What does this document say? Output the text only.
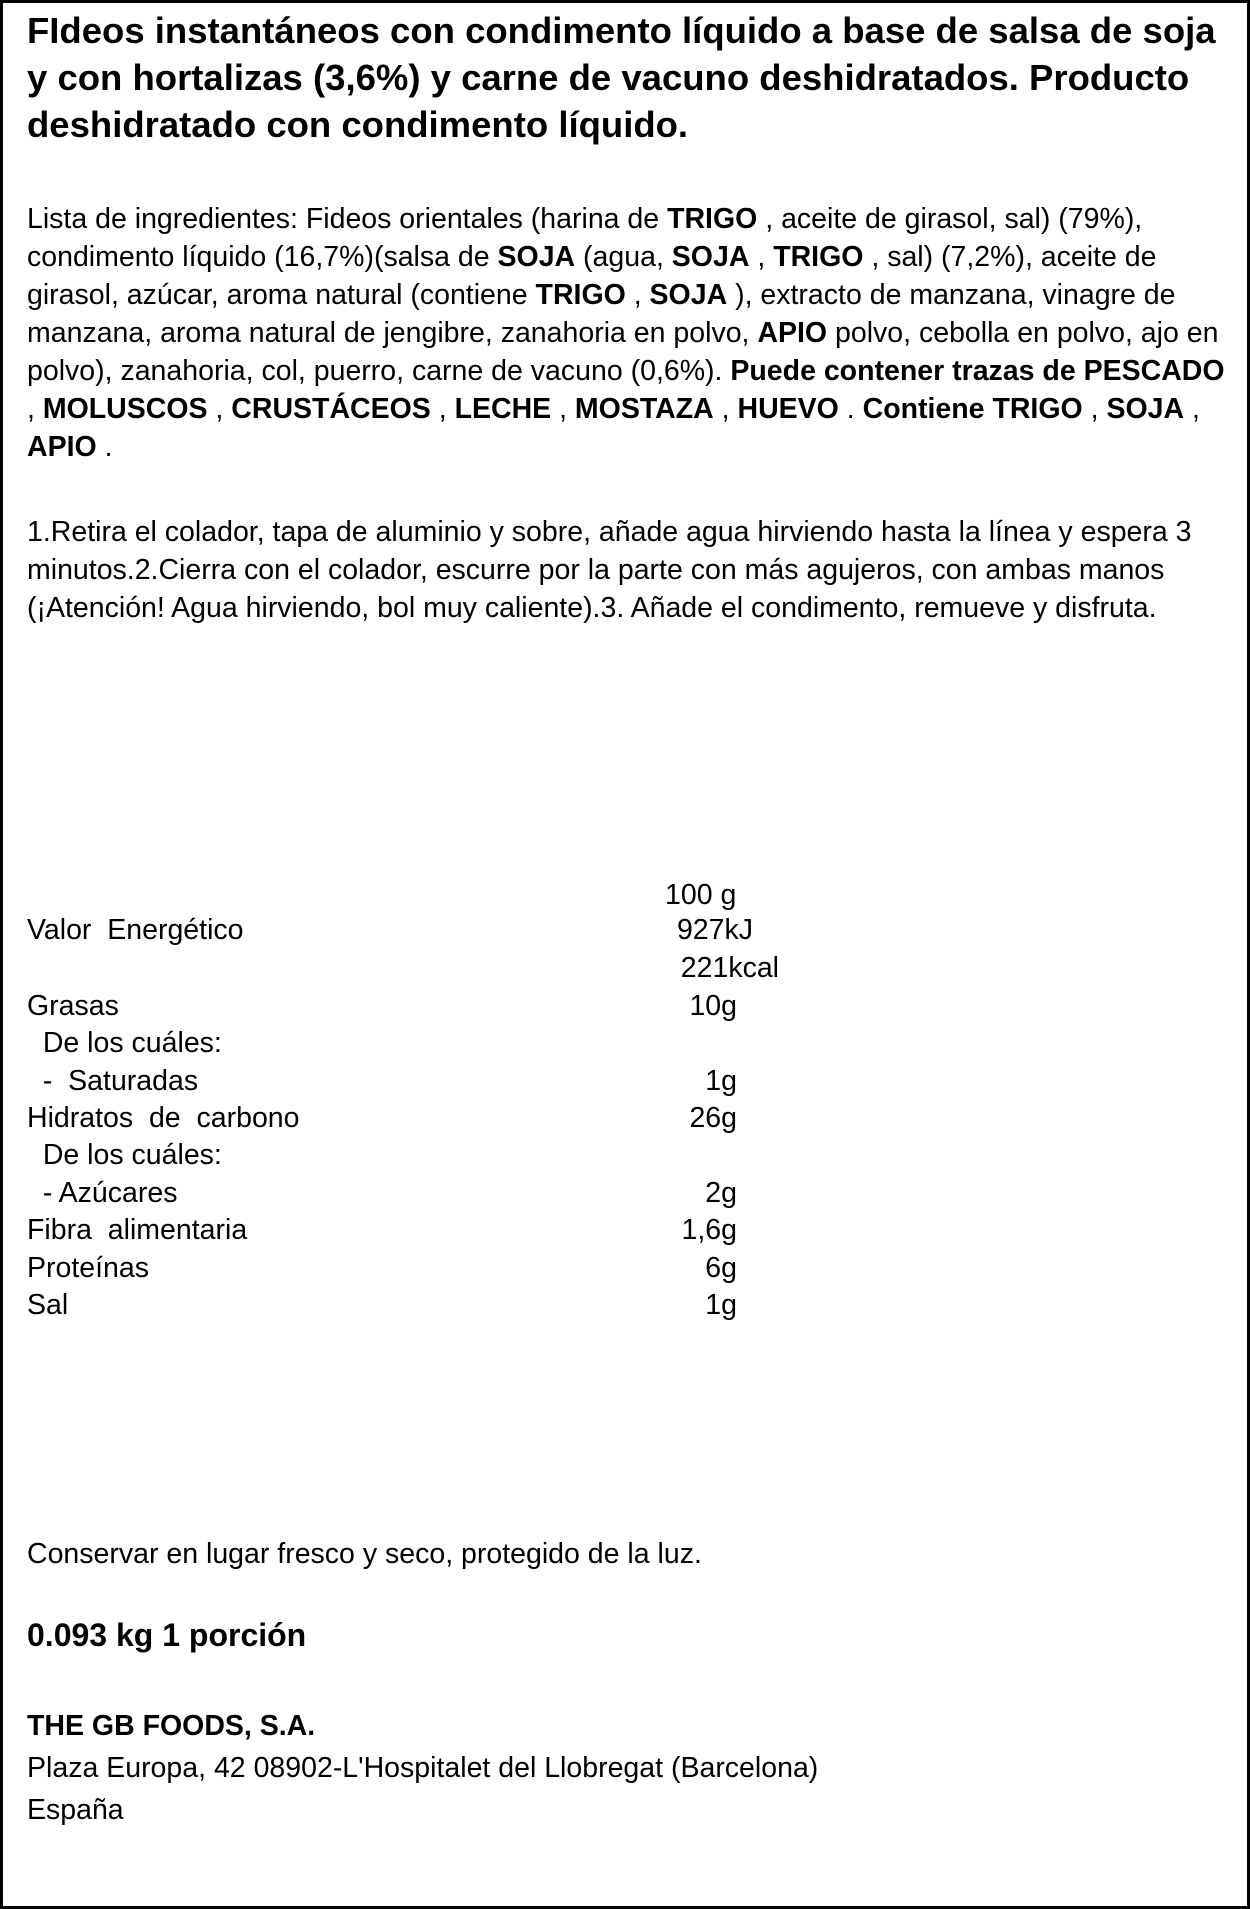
FIdeos instantáneos con condimento líquido a base de salsa de soja y con hortalizas (3,6%) y carne de vacuno deshidratados. Producto deshidratado con condimento líquido.
Lista de ingredientes: Fideos orientales (harina de TRIGO , aceite de girasol, sal) (79%), condimento líquido (16,7%)(salsa de SOJA (agua, SOJA , TRIGO , sal) (7,2%), aceite de girasol, azúcar, aroma natural (contiene TRIGO , SOJA ), extracto de manzana, vinagre de manzana, aroma natural de jengibre, zanahoria en polvo, APIO polvo, cebolla en polvo, ajo en polvo), zanahoria, col, puerro, carne de vacuno (0,6%). Puede contener trazas de PESCADO , MOLUSCOS , CRUSTÁCEOS , LECHE , MOSTAZA , HUEVO . Contiene TRIGO , SOJA , APIO .
1.Retira el colador, tapa de aluminio y sobre, añade agua hirviendo hasta la línea y espera 3 minutos.2.Cierra con el colador, escurre por la parte con más agujeros, con ambas manos (¡Atención! Agua hirviendo, bol muy caliente).3. Añade el condimento, remueve y disfruta.
100 g
Valor  Energético	927kJ
221kcal
Grasas	10g
De los cuáles:
-  Saturadas	1g
Hidratos  de  carbono	26g
De los cuáles:
- Azúcares	2g
Fibra  alimentaria	1,6g
Proteínas	6g
Sal	1g
Conservar en lugar fresco y seco, protegido de la luz.
0.093 kg 1 porción
THE GB FOODS, S.A.
Plaza Europa, 42 08902-L'Hospitalet del Llobregat (Barcelona)
España
